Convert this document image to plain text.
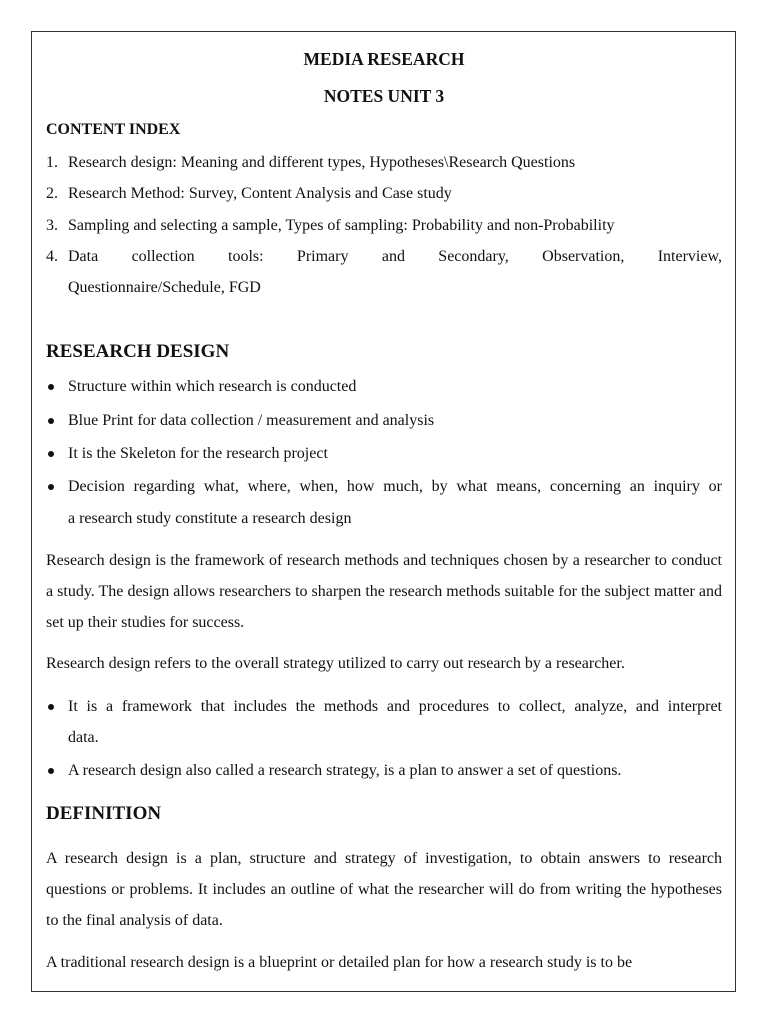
MEDIA RESEARCH
NOTES UNIT 3
CONTENT INDEX
1. Research design: Meaning and different types, Hypotheses\Research Questions
2. Research Method: Survey, Content Analysis and Case study
3. Sampling and selecting a sample, Types of sampling: Probability and non-Probability
4. Data collection tools: Primary and Secondary, Observation, Interview,
Questionnaire/Schedule, FGD
RESEARCH DESIGN
Structure within which research is conducted
Blue Print for data collection / measurement and analysis
It is the Skeleton for the research project
Decision regarding what, where, when, how much, by what means, concerning an inquiry or
a research study constitute a research design
Research design is the framework of research methods and techniques chosen by a researcher to conduct a study. The design allows researchers to sharpen the research methods suitable for the subject matter and set up their studies for success.
Research design refers to the overall strategy utilized to carry out research by a researcher.
It is a framework that includes the methods and procedures to collect, analyze, and interpret
data.
A research design also called a research strategy, is a plan to answer a set of questions.
DEFINITION
A research design is a plan, structure and strategy of investigation, to obtain answers to research questions or problems. It includes an outline of what the researcher will do from writing the hypotheses to the final analysis of data.
A traditional research design is a blueprint or detailed plan for how a research study is to be
